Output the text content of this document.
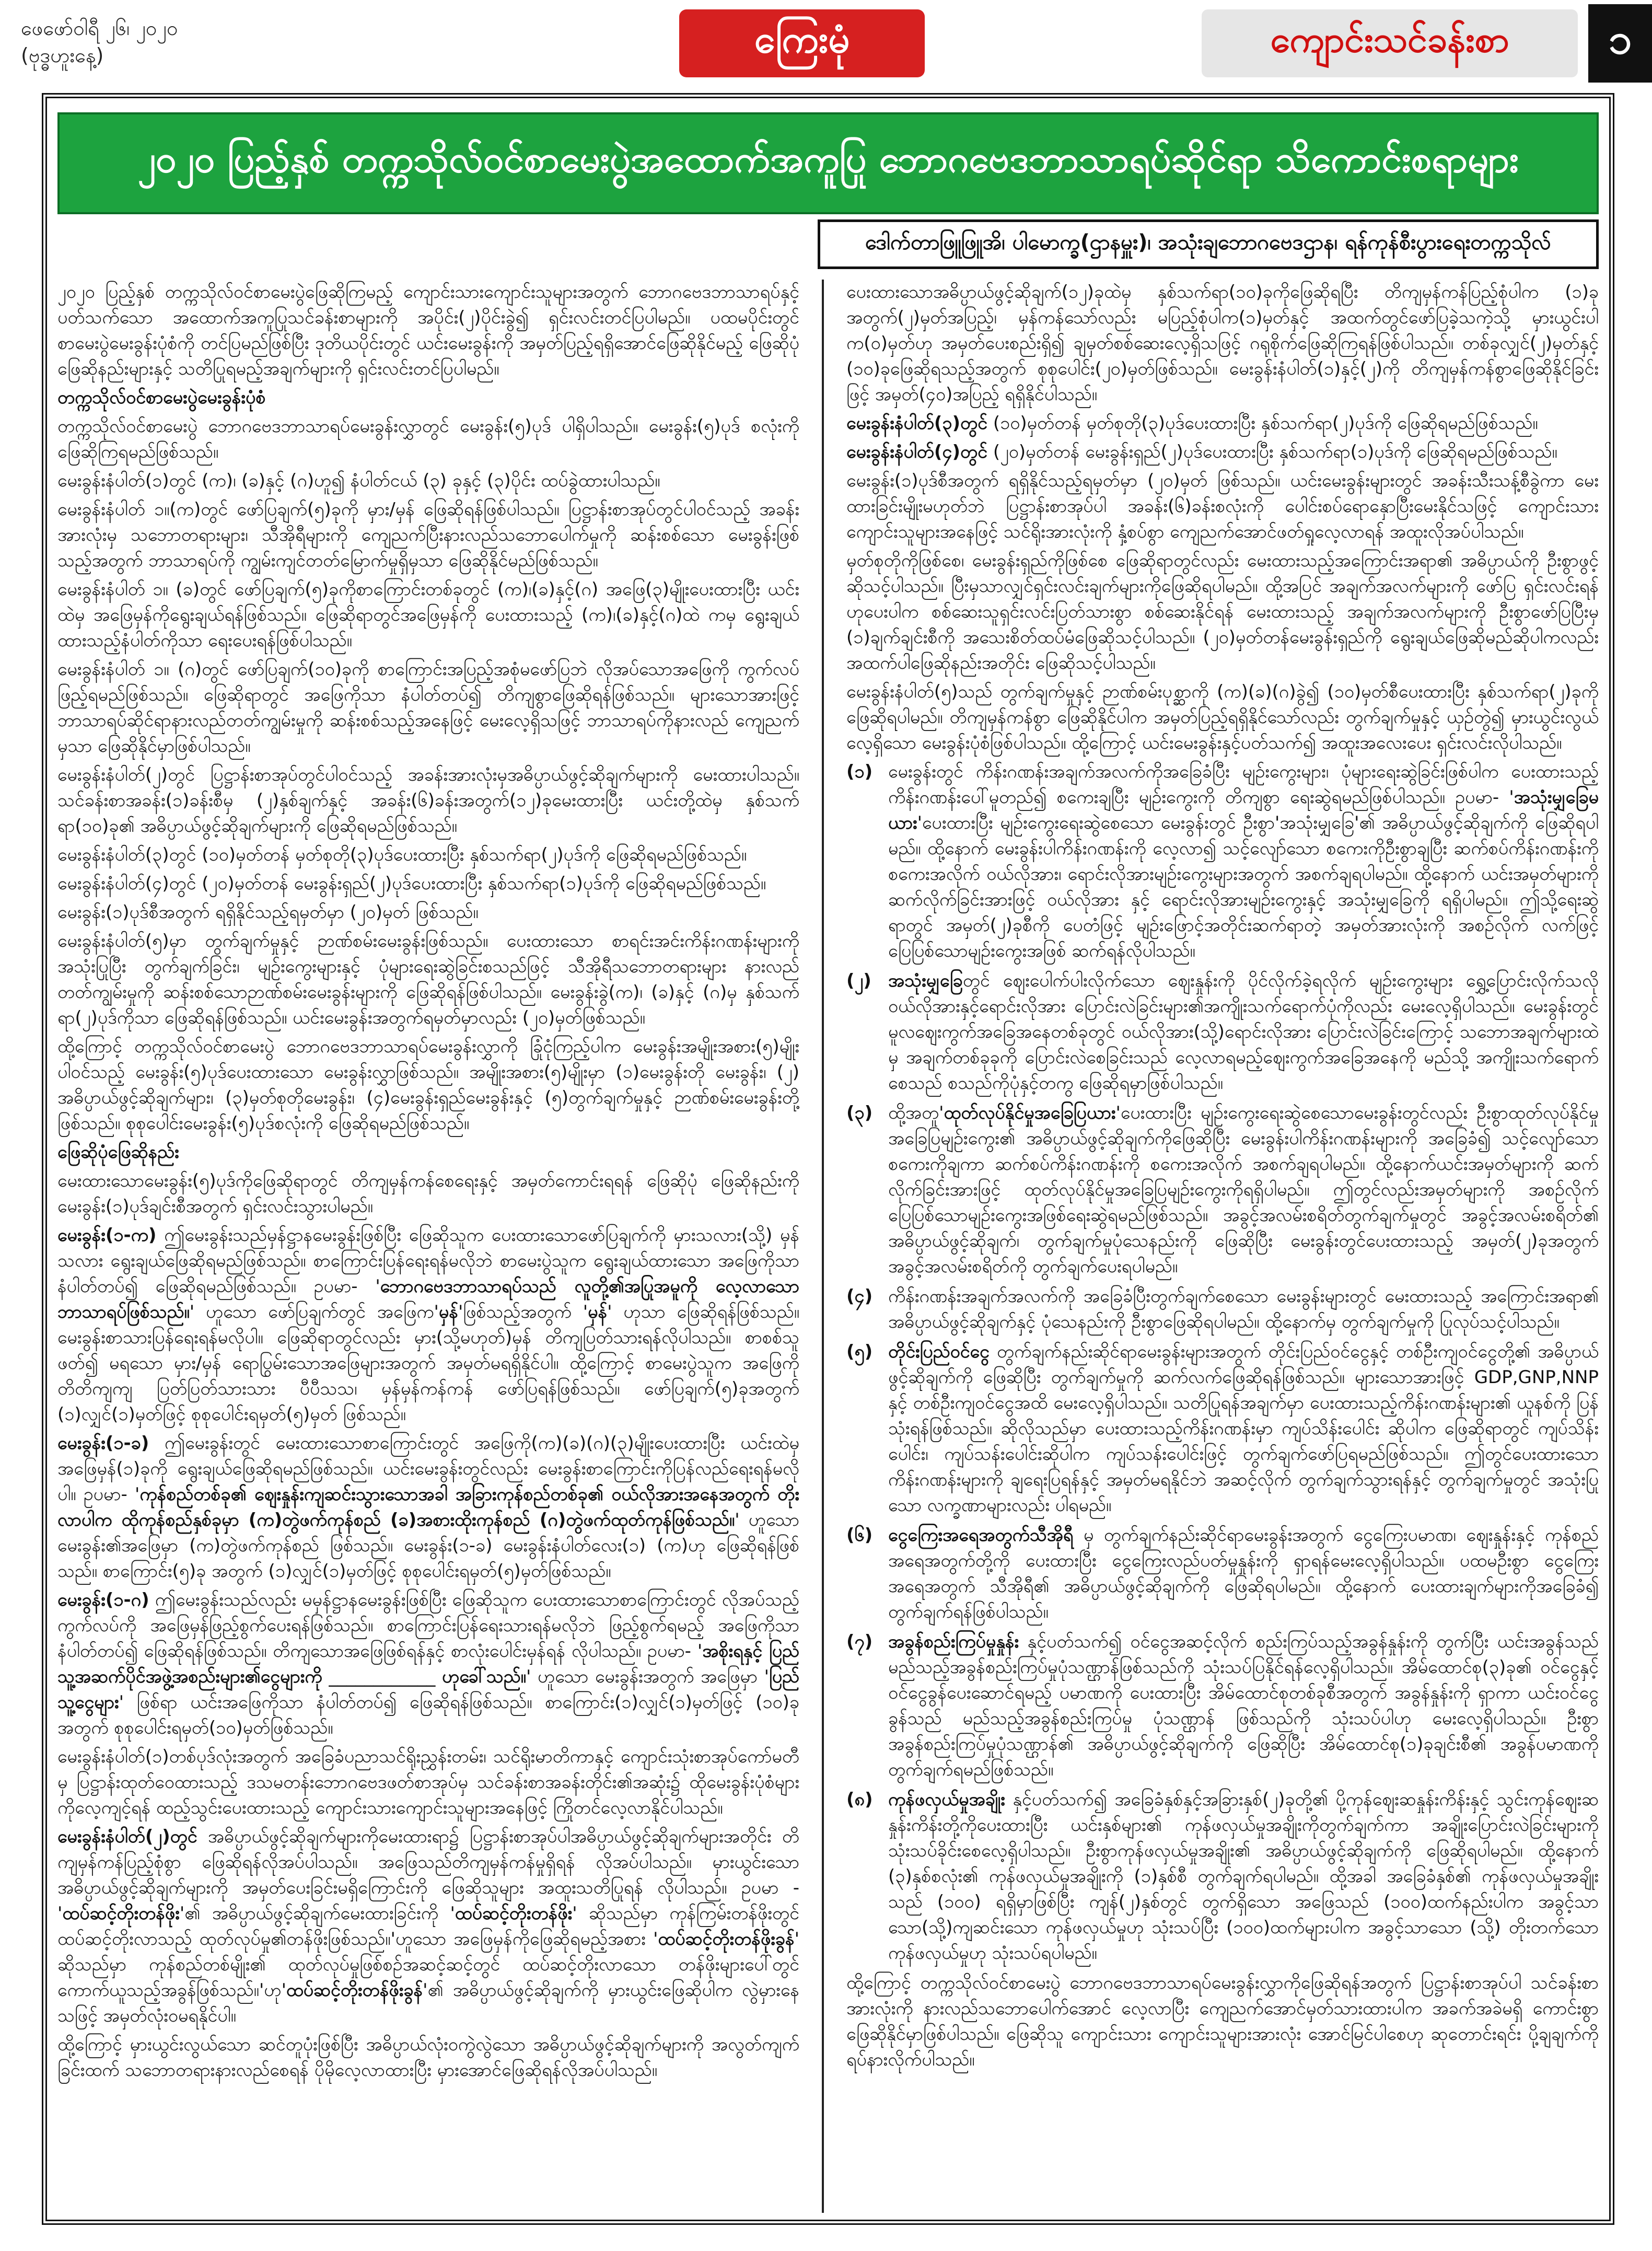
ဖေဖော်ဝါရီ ၂၆၊ ၂၀၂၀
(ဗုဒ္ဓဟူးနေ့)	ကြေးမုံ	ကျောင်းသင်ခန်းစာ	၁
၂၀၂၀ ပြည့်နှစ် တက္ကသိုလ်ဝင်စာမေးပွဲအထောက်အကူပြု ဘောဂဗေဒဘာသာရပ်ဆိုင်ရာ သိကောင်းစရာများ
ဒေါက်တာဖြူဖြူအိ၊ ပါမောက္ခ(ဌာနမှူး)၊ အသုံးချဘောဂဗေဒဌာန၊ ရန်ကုန်စီးပွားရေးတက္ကသိုလ်

၂၀၂၀ ပြည့်နှစ် တက္ကသိုလ်ဝင်စာမေးပွဲဖြေဆိုကြမည့် ကျောင်းသားကျောင်းသူများအတွက် ဘောဂဗေဒဘာသာရပ်နှင့် ပတ်သက်သော အထောက်အကူပြုသင်ခန်းစာများကို အပိုင်း(၂)ပိုင်းခွဲ၍ ရှင်းလင်းတင်ပြပါမည်။ ပထမပိုင်းတွင် စာမေးပွဲမေးခွန်းပုံစံကို တင်ပြမည်ဖြစ်ပြီး ဒုတိယပိုင်းတွင် ယင်းမေးခွန်းကို အမှတ်ပြည့်ရရှိအောင်ဖြေဆိုနိုင်မည့် ဖြေဆိုပုံဖြေဆိုနည်းများနှင့် သတိပြုရမည့်အချက်များကို ရှင်းလင်းတင်ပြပါမည်။

တက္ကသိုလ်ဝင်စာမေးပွဲမေးခွန်းပုံစံ

တက္ကသိုလ်ဝင်စာမေးပွဲ ဘောဂဗေဒဘာသာရပ်မေးခွန်းလွှာတွင် မေးခွန်း(၅)ပုဒ် ပါရှိပါသည်။ မေးခွန်း(၅)ပုဒ် စလုံးကို ဖြေဆိုကြရမည်ဖြစ်သည်။

မေးခွန်းနံပါတ်(၁)တွင် (က)၊ (ခ)နှင့် (ဂ)ဟူ၍ နံပါတ်ငယ် (၃) ခုနှင့် (၃)ပိုင်း ထပ်ခွဲထားပါသည်။

မေးခွန်းနံပါတ် ၁။(က)တွင် ဖော်ပြချက်(၅)ခုကို မှား/မှန် ဖြေဆိုရန်ဖြစ်ပါသည်။ ပြဋ္ဌာန်းစာအုပ်တွင်ပါဝင်သည့် အခန်းအားလုံးမှ သဘောတရားများ၊ သီအိုရီများကို ကျေညက်ပြီးနားလည်သဘောပေါက်မှုကို ဆန်းစစ်သော မေးခွန်းဖြစ်သည့်အတွက် ဘာသာရပ်ကို ကျွမ်းကျင်တတ်မြောက်မှုရှိမှသာ ဖြေဆိုနိုင်မည်ဖြစ်သည်။

မေးခွန်းနံပါတ် ၁။ (ခ)တွင် ဖော်ပြချက်(၅)ခုကိုစာကြောင်းတစ်ခုတွင် (က)၊(ခ)နှင့်(ဂ) အဖြေ(၃)မျိုးပေးထားပြီး ယင်းထဲမှ အဖြေမှန်ကိုရွေးချယ်ရန်ဖြစ်သည်။ ဖြေဆိုရာတွင်အဖြေမှန်ကို ပေးထားသည့် (က)၊(ခ)နှင့်(ဂ)ထဲ ကမှ ရွေးချယ်ထားသည့်နံပါတ်ကိုသာ ရေးပေးရန်ဖြစ်ပါသည်။

မေးခွန်းနံပါတ် ၁။ (ဂ)တွင် ဖော်ပြချက်(၁၀)ခုကို စာကြောင်းအပြည့်အစုံမဖော်ပြဘဲ လိုအပ်သောအဖြေကို ကွက်လပ် ဖြည့်ရမည်ဖြစ်သည်။ ဖြေဆိုရာတွင် အဖြေကိုသာ နံပါတ်တပ်၍ တိကျစွာဖြေဆိုရန်ဖြစ်သည်။ များသောအားဖြင့် ဘာသာရပ်ဆိုင်ရာနားလည်တတ်ကျွမ်းမှုကို ဆန်းစစ်သည့်အနေဖြင့် မေးလေ့ရှိသဖြင့် ဘာသာရပ်ကိုနားလည် ကျေညက်မှသာ ဖြေဆိုနိုင်မှာဖြစ်ပါသည်။

မေးခွန်းနံပါတ်(၂)တွင် ပြဋ္ဌာန်းစာအုပ်တွင်ပါဝင်သည့် အခန်းအားလုံးမှအဓိပ္ပာယ်ဖွင့်ဆိုချက်များကို မေးထားပါသည်။ သင်ခန်းစာအခန်း(၁)ခန်းစီမှ (၂)နှစ်ချက်နှင့် အခန်း(၆)ခန်းအတွက်(၁၂)ခုမေးထားပြီး ယင်းတို့ထဲမှ နှစ်သက်ရာ(၁၀)ခု၏ အဓိပ္ပာယ်ဖွင့်ဆိုချက်များကို ဖြေဆိုရမည်ဖြစ်သည်။

မေးခွန်းနံပါတ်(၃)တွင် (၁၀)မှတ်တန် မှတ်စုတို(၃)ပုဒ်ပေးထားပြီး နှစ်သက်ရာ(၂)ပုဒ်ကို ဖြေဆိုရမည်ဖြစ်သည်။

မေးခွန်းနံပါတ်(၄)တွင် (၂၀)မှတ်တန် မေးခွန်းရှည်(၂)ပုဒ်ပေးထားပြီး နှစ်သက်ရာ(၁)ပုဒ်ကို ဖြေဆိုရမည်ဖြစ်သည်။

မေးခွန်း(၁)ပုဒ်စီအတွက် ရရှိနိုင်သည့်ရမှတ်မှာ (၂၀)မှတ် ဖြစ်သည်။

မေးခွန်းနံပါတ်(၅)မှာ တွက်ချက်မှုနှင့် ဉာဏ်စမ်းမေးခွန်းဖြစ်သည်။ ပေးထားသော စာရင်းအင်းကိန်းဂဏန်းများကို အသုံးပြုပြီး တွက်ချက်ခြင်း၊ မျဉ်းကွေးများနှင့် ပုံများရေးဆွဲခြင်းစသည်ဖြင့် သီအိုရီသဘောတရားများ နားလည် တတ်ကျွမ်းမှုကို ဆန်းစစ်သောဉာဏ်စမ်းမေးခွန်းများကို ဖြေဆိုရန်ဖြစ်ပါသည်။ မေးခွန်းခွဲ(က)၊ (ခ)နှင့် (ဂ)မှ နှစ်သက်ရာ(၂)ပုဒ်ကိုသာ ဖြေဆိုရန်ဖြစ်သည်။ ယင်းမေးခွန်းအတွက်ရမှတ်မှာလည်း (၂၀)မှတ်ဖြစ်သည်။

ထို့ကြောင့် တက္ကသိုလ်ဝင်စာမေးပွဲ ဘောဂဗေဒဘာသာရပ်မေးခွန်းလွှာကို ခြုံငုံကြည့်ပါက မေးခွန်းအမျိုးအစား(၅)မျိုးပါဝင်သည့် မေးခွန်း(၅)ပုဒ်ပေးထားသော မေးခွန်းလွှာဖြစ်သည်။ အမျိုးအစား(၅)မျိုးမှာ (၁)မေးခွန်းတို မေးခွန်း၊ (၂) အဓိပ္ပာယ်ဖွင့်ဆိုချက်များ၊ (၃)မှတ်စုတိုမေးခွန်း၊ (၄)မေးခွန်းရှည်မေးခွန်းနှင့် (၅)တွက်ချက်မှုနှင့် ဉာဏ်စမ်းမေးခွန်းတို့ ဖြစ်သည်။ စုစုပေါင်းမေးခွန်း(၅)ပုဒ်စလုံးကို ဖြေဆိုရမည်ဖြစ်သည်။

ဖြေဆိုပုံဖြေဆိုနည်း

မေးထားသောမေးခွန်း(၅)ပုဒ်ကိုဖြေဆိုရာတွင် တိကျမှန်ကန်စေရေးနှင့် အမှတ်ကောင်းရရန် ဖြေဆိုပုံ ဖြေဆိုနည်းကို မေးခွန်း(၁)ပုဒ်ချင်းစီအတွက် ရှင်းလင်းသွားပါမည်။

မေးခွန်း(၁-က) ဤမေးခွန်းသည်မှန်ဋ္ဌာနမေးခွန်းဖြစ်ပြီး ဖြေဆိုသူက ပေးထားသောဖော်ပြချက်ကို မှားသလား(သို့) မှန်သလား ရွေးချယ်ဖြေဆိုရမည်ဖြစ်သည်။ စာကြောင်းပြန်ရေးရန်မလိုဘဲ စာမေးပွဲသူက ရွေးချယ်ထားသော အဖြေကိုသာ နံပါတ်တပ်၍ ဖြေဆိုရမည်ဖြစ်သည်။ ဥပမာ- 'ဘောဂဗေဒဘာသာရပ်သည် လူတို့၏အပြုအမူကို လေ့လာသော ဘာသာရပ်ဖြစ်သည်။' ဟူသော ဖော်ပြချက်တွင် အဖြေက'မှန်'ဖြစ်သည့်အတွက် 'မှန်' ဟုသာ ဖြေဆိုရန်ဖြစ်သည်။ မေးခွန်းစာသားပြန်ရေးရန်မလိုပါ။ ဖြေဆိုရာတွင်လည်း မှား(သို့မဟုတ်)မှန် တိကျပြတ်သားရန်လိုပါသည်။ စာစစ်သူဖတ်၍ မရသော မှား/မှန် ရောပြွမ်းသောအဖြေများအတွက် အမှတ်မရရှိနိုင်ပါ။ ထို့ကြောင့် စာမေးပွဲသူက အဖြေကို တိတိကျကျ ပြတ်ပြတ်သားသား ပီပီသသ၊ မှန်မှန်ကန်ကန် ဖော်ပြရန်ဖြစ်သည်။ ဖော်ပြချက်(၅)ခုအတွက် (၁)လျှင်(၁)မှတ်ဖြင့် စုစုပေါင်းရမှတ်(၅)မှတ် ဖြစ်သည်။

မေးခွန်း(၁-ခ) ဤမေးခွန်းတွင် မေးထားသောစာကြောင်းတွင် အဖြေကို(က)(ခ)(ဂ)(၃)မျိုးပေးထားပြီး ယင်းထဲမှ အဖြေမှန်(၁)ခုကို ရွေးချယ်ဖြေဆိုရမည်ဖြစ်သည်။ ယင်းမေးခွန်းတွင်လည်း မေးခွန်းစာကြောင်းကိုပြန်လည်ရေးရန်မလိုပါ။ ဥပမာ- 'ကုန်စည်တစ်ခု၏ ဈေးနှုန်းကျဆင်းသွားသောအခါ အခြားကုန်စည်တစ်ခု၏ ဝယ်လိုအားအနေအတွက် တိုးလာပါက ထိုကုန်စည်နှစ်ခုမှာ (က)တွဲဖက်ကုန်စည် (ခ)အစားထိုးကုန်စည် (ဂ)တွဲဖက်ထုတ်ကုန်ဖြစ်သည်။' ဟူသော မေးခွန်း၏အဖြေမှာ (က)တွဲဖက်ကုန်စည် ဖြစ်သည်။ မေးခွန်း(၁-ခ) မေးခွန်းနံပါတ်လေး(၁) (က)ဟု ဖြေဆိုရန်ဖြစ်သည်။ စာကြောင်း(၅)ခု အတွက် (၁)လျှင်(၁)မှတ်ဖြင့် စုစုပေါင်းရမှတ်(၅)မှတ်ဖြစ်သည်။

မေးခွန်း(၁-ဂ) ဤမေးခွန်းသည်လည်း မမှန်ဋ္ဌာနမေးခွန်းဖြစ်ပြီး ဖြေဆိုသူက ပေးထားသောစာကြောင်းတွင် လိုအပ်သည့် ကွက်လပ်ကို အဖြေမှန်ဖြည့်စွက်ပေးရန်ဖြစ်သည်။ စာကြောင်းပြန်ရေးသားရန်မလိုဘဲ ဖြည့်စွက်ရမည့် အဖြေကိုသာ နံပါတ်တပ်၍ ဖြေဆိုရန်ဖြစ်သည်။ တိကျသောအဖြေဖြစ်ရန်နှင့် စာလုံးပေါင်းမှန်ရန် လိုပါသည်။ ဥပမာ- 'အစိုးရနှင့် ပြည်သူ့အဆက်ပိုင်အဖွဲ့အစည်းများ၏ငွေများကို ____________ ဟုခေါ်သည်။' ဟူသော မေးခွန်းအတွက် အဖြေမှာ 'ပြည်သူ့ငွေများ' ဖြစ်ရာ ယင်းအဖြေကိုသာ နံပါတ်တပ်၍ ဖြေဆိုရန်ဖြစ်သည်။ စာကြောင်း(၁)လျှင်(၁)မှတ်ဖြင့် (၁၀)ခုအတွက် စုစုပေါင်းရမှတ်(၁၀)မှတ်ဖြစ်သည်။

မေးခွန်းနံပါတ်(၁)တစ်ပုဒ်လုံးအတွက် အခြေခံပညာသင်ရိုးညွှန်းတမ်း၊ သင်ရိုးမာတိကာနှင့် ကျောင်းသုံးစာအုပ်ကော်မတီမှ ပြဋ္ဌာန်းထုတ်ဝေထားသည့် ဒသမတန်းဘောဂဗေဒဖတ်စာအုပ်မှ သင်ခန်းစာအခန်းတိုင်း၏အဆုံး၌ ထိုမေးခွန်းပုံစံများကိုလေ့ကျင့်ရန် ထည့်သွင်းပေးထားသည့် ကျောင်းသားကျောင်းသူများအနေဖြင့် ကြိုတင်လေ့လာနိုင်ပါသည်။

မေးခွန်းနံပါတ်(၂)တွင် အဓိပ္ပာယ်ဖွင့်ဆိုချက်များကိုမေးထားရာ၌ ပြဋ္ဌာန်းစာအုပ်ပါအဓိပ္ပာယ်ဖွင့်ဆိုချက်များအတိုင်း တိကျမှန်ကန်ပြည့်စုံစွာ ဖြေဆိုရန်လိုအပ်ပါသည်။ အဖြေသည်တိကျမှန်ကန်မှုရှိရန် လိုအပ်ပါသည်။ မှားယွင်းသော အဓိပ္ပာယ်ဖွင့်ဆိုချက်များကို အမှတ်ပေးခြင်းမရှိကြောင်းကို ဖြေဆိုသူများ အထူးသတိပြုရန် လိုပါသည်။ ဥပမာ - 'ထပ်ဆင့်တိုးတန်ဖိုး'၏ အဓိပ္ပာယ်ဖွင့်ဆိုချက်မေးထားခြင်းကို 'ထပ်ဆင့်တိုးတန်ဖိုး' ဆိုသည်မှာ ကုန်ကြမ်းတန်ဖိုးတွင် ထပ်ဆင့်တိုးလာသည့် ထုတ်လုပ်မှု၏တန်ဖိုးဖြစ်သည်။'ဟူသော အဖြေမှန်ကိုဖြေဆိုရမည့်အစား 'ထပ်ဆင့်တိုးတန်ဖိုးခွန်' ဆိုသည်မှာ ကုန်စည်တစ်မျိုး၏ ထုတ်လုပ်မှုဖြစ်စဉ်အဆင့်ဆင့်တွင် ထပ်ဆင့်တိုးလာသော တန်ဖိုးများပေါ်တွင် ကောက်ယူသည့်အခွန်ဖြစ်သည်။'ဟု'ထပ်ဆင့်တိုးတန်ဖိုးခွန်'၏ အဓိပ္ပာယ်ဖွင့်ဆိုချက်ကို မှားယွင်းဖြေဆိုပါက လွဲမှားနေသဖြင့် အမှတ်လုံးဝမရနိုင်ပါ။

ထို့ကြောင့် မှားယွင်းလွယ်သော ဆင်တူပုံးဖြစ်ပြီး အဓိပ္ပာယ်လုံးဝကွဲလွဲသော အဓိပ္ပာယ်ဖွင့်ဆိုချက်များကို အလွတ်ကျက်ခြင်းထက် သဘောတရားနားလည်စေရန် ပိုမိုလေ့လာထားပြီး မှားအောင်ဖြေဆိုရန်လိုအပ်ပါသည်။

ပေးထားသောအဓိပ္ပာယ်ဖွင့်ဆိုချက်(၁၂)ခုထဲမှ နှစ်သက်ရာ(၁၀)ခုကိုဖြေဆိုရပြီး တိကျမှန်ကန်ပြည့်စုံပါက (၁)ခုအတွက်(၂)မှတ်အပြည့်၊ မှန်ကန်သော်လည်း မပြည့်စုံပါက(၁)မှတ်နှင့် အထက်တွင်ဖော်ပြခဲ့သကဲ့သို့ မှားယွင်းပါက(၀)မှတ်ဟု အမှတ်ပေးစည်းရှိ၍ ချမှတ်စစ်ဆေးလေ့ရှိသဖြင့် ဂရုစိုက်ဖြေဆိုကြရန်ဖြစ်ပါသည်။ တစ်ခုလျှင်(၂)မှတ်နှင့် (၁၀)ခုဖြေဆိုရသည့်အတွက် စုစုပေါင်း(၂၀)မှတ်ဖြစ်သည်။ မေးခွန်းနံပါတ်(၁)နှင့်(၂)ကို တိကျမှန်ကန်စွာဖြေဆိုနိုင်ခြင်းဖြင့် အမှတ်(၄၀)အပြည့် ရရှိနိုင်ပါသည်။

မေးခွန်းနံပါတ်(၃)တွင် (၁၀)မှတ်တန် မှတ်စုတို(၃)ပုဒ်ပေးထားပြီး နှစ်သက်ရာ(၂)ပုဒ်ကို ဖြေဆိုရမည်ဖြစ်သည်။

မေးခွန်းနံပါတ်(၄)တွင် (၂၀)မှတ်တန် မေးခွန်းရှည်(၂)ပုဒ်ပေးထားပြီး နှစ်သက်ရာ(၁)ပုဒ်ကို ဖြေဆိုရမည်ဖြစ်သည်။

မေးခွန်း(၁)ပုဒ်စီအတွက် ရရှိနိုင်သည့်ရမှတ်မှာ (၂၀)မှတ် ဖြစ်သည်။ ယင်းမေးခွန်းများတွင် အခန်းသီးသန့်စီခွဲကာ မေးထားခြင်းမျိုးမဟုတ်ဘဲ ပြဋ္ဌာန်းစာအုပ်ပါ အခန်း(၆)ခန်းစလုံးကို ပေါင်းစပ်ရောနှောပြီးမေးနိုင်သဖြင့် ကျောင်းသားကျောင်းသူများအနေဖြင့် သင်ရိုးအားလုံးကို နှံ့စပ်စွာ ကျေညက်အောင်ဖတ်ရှုလေ့လာရန် အထူးလိုအပ်ပါသည်။

မှတ်စုတိုကိုဖြစ်စေ၊ မေးခွန်းရှည်ကိုဖြစ်စေ ဖြေဆိုရာတွင်လည်း မေးထားသည့်အကြောင်းအရာ၏ အဓိပ္ပာယ်ကို ဦးစွာဖွင့်ဆိုသင့်ပါသည်။ ပြီးမှသာလျှင်ရှင်းလင်းချက်များကိုဖြေဆိုရပါမည်။ ထို့အပြင် အချက်အလက်များကို ဖော်ပြ ရှင်းလင်းရန်ဟုပေးပါက စစ်ဆေးသူရှင်းလင်းပြတ်သားစွာ စစ်ဆေးနိုင်ရန် မေးထားသည့် အချက်အလက်များကို ဦးစွာဖော်ပြပြီးမှ (၁)ချက်ချင်းစီကို အသေးစိတ်ထပ်မံဖြေဆိုသင့်ပါသည်။ (၂၀)မှတ်တန်မေးခွန်းရှည်ကို ရွေးချယ်ဖြေဆိုမည်ဆိုပါကလည်း အထက်ပါဖြေဆိုနည်းအတိုင်း ဖြေဆိုသင့်ပါသည်။

မေးခွန်းနံပါတ်(၅)သည် တွက်ချက်မှုနှင့် ဉာဏ်စမ်းပုစ္ဆာကို (က)(ခ)(ဂ)ခွဲ၍ (၁၀)မှတ်စီပေးထားပြီး နှစ်သက်ရာ(၂)ခုကို ဖြေဆိုရပါမည်။ တိကျမှန်ကန်စွာ ဖြေဆိုနိုင်ပါက အမှတ်ပြည့်ရရှိနိုင်သော်လည်း တွက်ချက်မှုနှင့် ယှဉ်တွဲ၍ မှားယွင်းလွယ်လေ့ရှိသော မေးခွန်းပုံစံဖြစ်ပါသည်။ ထို့ကြောင့် ယင်းမေးခွန်းနှင့်ပတ်သက်၍ အထူးအလေးပေး ရှင်းလင်းလိုပါသည်။

(၁) မေးခွန်းတွင် ကိန်းဂဏန်းအချက်အလက်ကိုအခြေခံပြီး မျဉ်းကွေးများ၊ ပုံများရေးဆွဲခြင်းဖြစ်ပါက ပေးထားသည့် ကိန်းဂဏန်းပေါ်မူတည်၍ စကေးချပြီး မျဉ်းကွေးကို တိကျစွာ ရေးဆွဲရမည်ဖြစ်ပါသည်။ ဥပမာ- 'အသုံးမျှခြေမယား'ပေးထားပြီး မျဉ်းကွေးရေးဆွဲစေသော မေးခွန်းတွင် ဦးစွာ'အသုံးမျှခြေ'၏ အဓိပ္ပာယ်ဖွင့်ဆိုချက်ကို ဖြေဆိုရပါမည်။ ထို့နောက် မေးခွန်းပါကိန်းဂဏန်းကို လေ့လာ၍ သင့်လျော်သော စကေးကိုဦးစွာချပြီး ဆက်စပ်ကိန်းဂဏန်းကို စကေးအလိုက် ဝယ်လိုအား၊ ရောင်းလိုအားမျဉ်းကွေးများအတွက် အစက်ချရပါမည်။ ထို့နောက် ယင်းအမှတ်များကို ဆက်လိုက်ခြင်းအားဖြင့် ဝယ်လိုအား နှင့် ရောင်းလိုအားမျဉ်းကွေးနှင့် အသုံးမျှခြေကို ရရှိပါမည်။ ဤသို့ရေးဆွဲရာတွင် အမှတ်(၂)ခုစီကို ပေတံဖြင့် မျဉ်းဖြောင့်အတိုင်းဆက်ရာတဲ့ အမှတ်အားလုံးကို အစဉ်လိုက် လက်ဖြင့်ပြေပြစ်သောမျဉ်းကွေးအဖြစ် ဆက်ရန်လိုပါသည်။
(၂) အသုံးမျှခြေတွင် ဈေးပေါက်ပါးလိုက်သော ဈေးနှုန်းကို ပိုင်လိုက်ခဲ့ရလိုက် မျဉ်းကွေးများ ရွှေ့ပြောင်းလိုက်သလို ဝယ်လိုအားနှင့်ရောင်းလိုအား ပြောင်းလဲခြင်းများ၏အကျိုးသက်ရောက်ပုံကိုလည်း မေးလေ့ရှိပါသည်။ မေးခွန်းတွင် မူလဈေးကွက်အခြေအနေတစ်ခုတွင် ဝယ်လိုအား(သို့)ရောင်းလိုအား ပြောင်းလဲခြင်းကြောင့် သဘောအချက်များထဲမှ အချက်တစ်ခုခုကို ပြောင်းလဲစေခြင်းသည် လေ့လာရမည့်ဈေးကွက်အခြေအနေကို မည်သို့ အကျိုးသက်ရောက်စေသည် စသည်ကိုပုံနှင့်တကွ ဖြေဆိုရမှာဖြစ်ပါသည်။
(၃) ထို့အတူ'ထုတ်လုပ်နိုင်မှုအခြေပြယား'ပေးထားပြီး မျဉ်းကွေးရေးဆွဲစေသောမေးခွန်းတွင်လည်း ဦးစွာထုတ်လုပ်နိုင်မှုအခြေပြမျဉ်းကွေး၏ အဓိပ္ပာယ်ဖွင့်ဆိုချက်ကိုဖြေဆိုပြီး မေးခွန်းပါကိန်းဂဏန်းများကို အခြေခံ၍ သင့်လျော်သော စကေးကိုချကာ ဆက်စပ်ကိန်းဂဏန်းကို စကေးအလိုက် အစက်ချရပါမည်။ ထို့နောက်ယင်းအမှတ်များကို ဆက်လိုက်ခြင်းအားဖြင့် ထုတ်လုပ်နိုင်မှုအခြေပြမျဉ်းကွေးကိုရရှိပါမည်။ ဤတွင်လည်းအမှတ်များကို အစဉ်လိုက်ပြေပြစ်သောမျဉ်းကွေးအဖြစ်ရေးဆွဲရမည်ဖြစ်သည်။ အခွင့်အလမ်းစရိတ်တွက်ချက်မှုတွင် အခွင့်အလမ်းစရိတ်၏ အဓိပ္ပာယ်ဖွင့်ဆိုချက်၊ တွက်ချက်မှုပုံသေနည်းကို ဖြေဆိုပြီး မေးခွန်းတွင်ပေးထားသည့် အမှတ်(၂)ခုအတွက် အခွင့်အလမ်းစရိတ်ကို တွက်ချက်ပေးရပါမည်။
(၄) ကိန်းဂဏန်းအချက်အလက်ကို အခြေခံပြီးတွက်ချက်စေသော မေးခွန်းများတွင် မေးထားသည့် အကြောင်းအရာ၏ အဓိပ္ပာယ်ဖွင့်ဆိုချက်နှင့် ပုံသေနည်းကို ဦးစွာဖြေဆိုရပါမည်။ ထို့နောက်မှ တွက်ချက်မှုကို ပြုလုပ်သင့်ပါသည်။
(၅) တိုင်းပြည်ဝင်ငွေ တွက်ချက်နည်းဆိုင်ရာမေးခွန်းများအတွက် တိုင်းပြည်ဝင်ငွေနှင့် တစ်ဦးကျဝင်ငွေတို့၏ အဓိပ္ပာယ်ဖွင့်ဆိုချက်ကို ဖြေဆိုပြီး တွက်ချက်မှုကို ဆက်လက်ဖြေဆိုရန်ဖြစ်သည်။ များသောအားဖြင့် GDP,GNP,NNP နှင့် တစ်ဦးကျဝင်ငွေအထိ မေးလေ့ရှိပါသည်။ သတိပြုရန်အချက်မှာ ပေးထားသည့်ကိန်းဂဏန်းများ၏ ယူနစ်ကို ပြန်သုံးရန်ဖြစ်သည်။ ဆိုလိုသည်မှာ ပေးထားသည့်ကိန်းဂဏန်းမှာ ကျပ်သိန်းပေါင်း ဆိုပါက ဖြေဆိုရာတွင် ကျပ်သိန်းပေါင်း၊ ကျပ်သန်းပေါင်းဆိုပါက ကျပ်သန်းပေါင်းဖြင့် တွက်ချက်ဖော်ပြရမည်ဖြစ်သည်။ ဤတွင်ပေးထားသော ကိန်းဂဏန်းများကို ချရေးပြရန်နှင့် အမှတ်မရနိုင်ဘဲ အဆင့်လိုက် တွက်ချက်သွားရန်နှင့် တွက်ချက်မှုတွင် အသုံးပြုသော လက္ခဏာများလည်း ပါရမည်။
(၆) ငွေကြေးအရေအတွက်သီအိုရီ မှ တွက်ချက်နည်းဆိုင်ရာမေးခွန်းအတွက် ငွေကြေးပမာဏ၊ ဈေးနှုန်းနှင့် ကုန်စည်အရေအတွက်တို့ကို ပေးထားပြီး ငွေကြေးလည်ပတ်မှုနှုန်းကို ရှာရန်မေးလေ့ရှိပါသည်။ ပထမဦးစွာ ငွေကြေးအရေအတွက် သီအိုရီ၏ အဓိပ္ပာယ်ဖွင့်ဆိုချက်ကို ဖြေဆိုရပါမည်။ ထို့နောက် ပေးထားချက်များကိုအခြေခံ၍ တွက်ချက်ရန်ဖြစ်ပါသည်။
(၇) အခွန်စည်းကြပ်မှုနှုန်း နှင့်ပတ်သက်၍ ဝင်ငွေအဆင့်လိုက် စည်းကြပ်သည့်အခွန်နှုန်းကို တွက်ပြီး ယင်းအခွန်သည် မည်သည့်အခွန်စည်းကြပ်မှုပုံသဏ္ဌာန်ဖြစ်သည်ကို သုံးသပ်ပြနိုင်ရန်လေ့ရှိပါသည်။ အိမ်ထောင်စု(၃)ခု၏ ဝင်ငွေနှင့် ဝင်ငွေခွန်ပေးဆောင်ရမည့် ပမာဏကို ပေးထားပြီး အိမ်ထောင်စုတစ်ခုစီအတွက် အခွန်နှုန်းကို ရှာကာ ယင်းဝင်ငွေခွန်သည် မည်သည့်အခွန်စည်းကြပ်မှု ပုံသဏ္ဌာန် ဖြစ်သည်ကို သုံးသပ်ပါဟု မေးလေ့ရှိပါသည်။ ဦးစွာ အခွန်စည်းကြပ်မှုပုံသဏ္ဌာန်၏ အဓိပ္ပာယ်ဖွင့်ဆိုချက်ကို ဖြေဆိုပြီး အိမ်ထောင်စု(၁)ခုချင်းစီ၏ အခွန်ပမာဏကို တွက်ချက်ရမည်ဖြစ်သည်။
(၈) ကုန်ဖလှယ်မှုအချိုး နှင့်ပတ်သက်၍ အခြေခံနှစ်နှင့်အခြားနှစ်(၂)ခုတို့၏ ပို့ကုန်ဈေးဆနှုန်းကိန်းနှင့် သွင်းကုန်ဈေးဆနှုန်းကိန်းတို့ကိုပေးထားပြီး ယင်းနှစ်များ၏ ကုန်ဖလှယ်မှုအချိုးကိုတွက်ချက်ကာ အချိုးပြောင်းလဲခြင်းများကို သုံးသပ်ခိုင်းစေလေ့ရှိပါသည်။ ဦးစွာကုန်ဖလှယ်မှုအချိုး၏ အဓိပ္ပာယ်ဖွင့်ဆိုချက်ကို ဖြေဆိုရပါမည်။ ထို့နောက် (၃)နှစ်စလုံး၏ ကုန်ဖလှယ်မှုအချိုးကို (၁)နှစ်စီ တွက်ချက်ရပါမည်။ ထို့အခါ အခြေခံနှစ်၏ ကုန်ဖလှယ်မှုအချိုးသည် (၁၀၀) ရရှိမှာဖြစ်ပြီး ကျန်(၂)နှစ်တွင် တွက်ရှိသော အဖြေသည် (၁၀၀)ထက်နည်းပါက အခွင့်သာသော(သို့)ကျဆင်းသော ကုန်ဖလှယ်မှုဟု သုံးသပ်ပြီး (၁၀၀)ထက်များပါက အခွင့်သာသော (သို့) တိုးတက်သောကုန်ဖလှယ်မှုဟု သုံးသပ်ရပါမည်။

ထို့ကြောင့် တက္ကသိုလ်ဝင်စာမေးပွဲ ဘောဂဗေဒဘာသာရပ်မေးခွန်းလွှာကိုဖြေဆိုရန်အတွက် ပြဋ္ဌာန်းစာအုပ်ပါ သင်ခန်းစာအားလုံးကို နားလည်သဘောပေါက်အောင် လေ့လာပြီး ကျေညက်အောင်မှတ်သားထားပါက အခက်အခဲမရှိ ကောင်းစွာဖြေဆိုနိုင်မှာဖြစ်ပါသည်။ ဖြေဆိုသူ ကျောင်းသား ကျောင်းသူများအားလုံး အောင်မြင်ပါစေဟု ဆုတောင်းရင်း ပို့ချချက်ကို ရပ်နားလိုက်ပါသည်။
